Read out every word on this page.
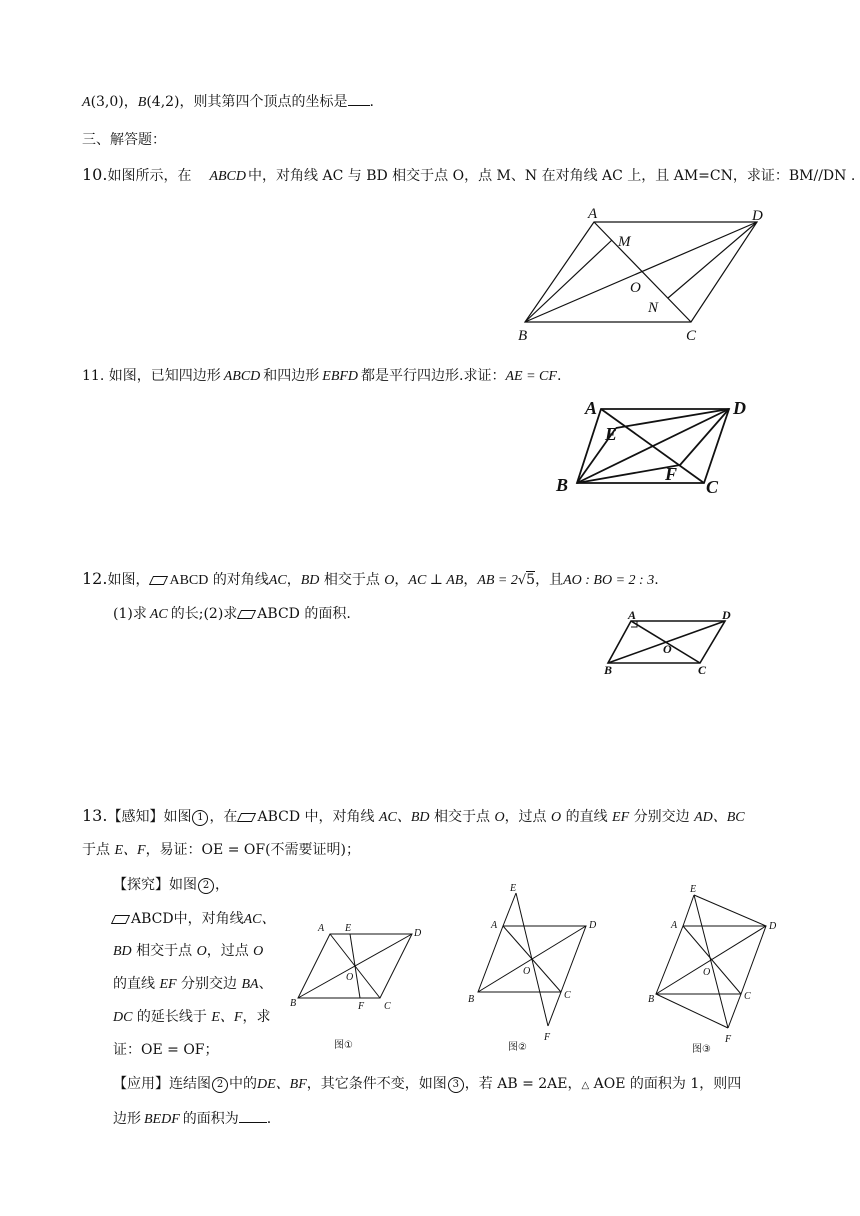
A(3,0)，B(4,2)，则其第四个顶点的坐标是 .
三、解答题：
10.如图所示，在 ABCD 中，对角线 AC 与 BD 相交于点 O，点 M、N 在对角线 AC 上，且 AM=CN，求证：BM//DN .
A	D
M
O
N
B	C
11. 如图，已知四边形 ABCD 和四边形 EBFD 都是平行四边形.求证：AE = CF.
A	D
E
F
B	C
12.如图， ABCD 的对角线AC，BD 相交于点 O，AC ⊥ AB，AB = 2√5，且AO : BO = 2 : 3.
(1)求 AC 的长;(2)求 ABCD 的面积.	A	D
O
B	C
13.【感知】如图 1 ，在 ABCD 中，对角线 AC、BD 相交于点 O，过点 O 的直线 EF 分别交边 AD、BC
于点 E、F，易证：OE = OF(不需要证明)；
【探究】如图 2 ，
ABCD中，对角线AC、
BD 相交于点 O，过点 O
的直线 EF 分别交边 BA、
DC 的延长线于 E、F，求
证：OE = OF；
【应用】连结图 2 中的DE、BF，其它条件不变，如图 3 ，若 AB = 2AE，△ AOE 的面积为 1，则四
边形 BEDF 的面积为 .
A E	D
O
B	F C
图①
E
A	D
O
B	C
F
图②
E
A	D
O
B	C
F
图③
